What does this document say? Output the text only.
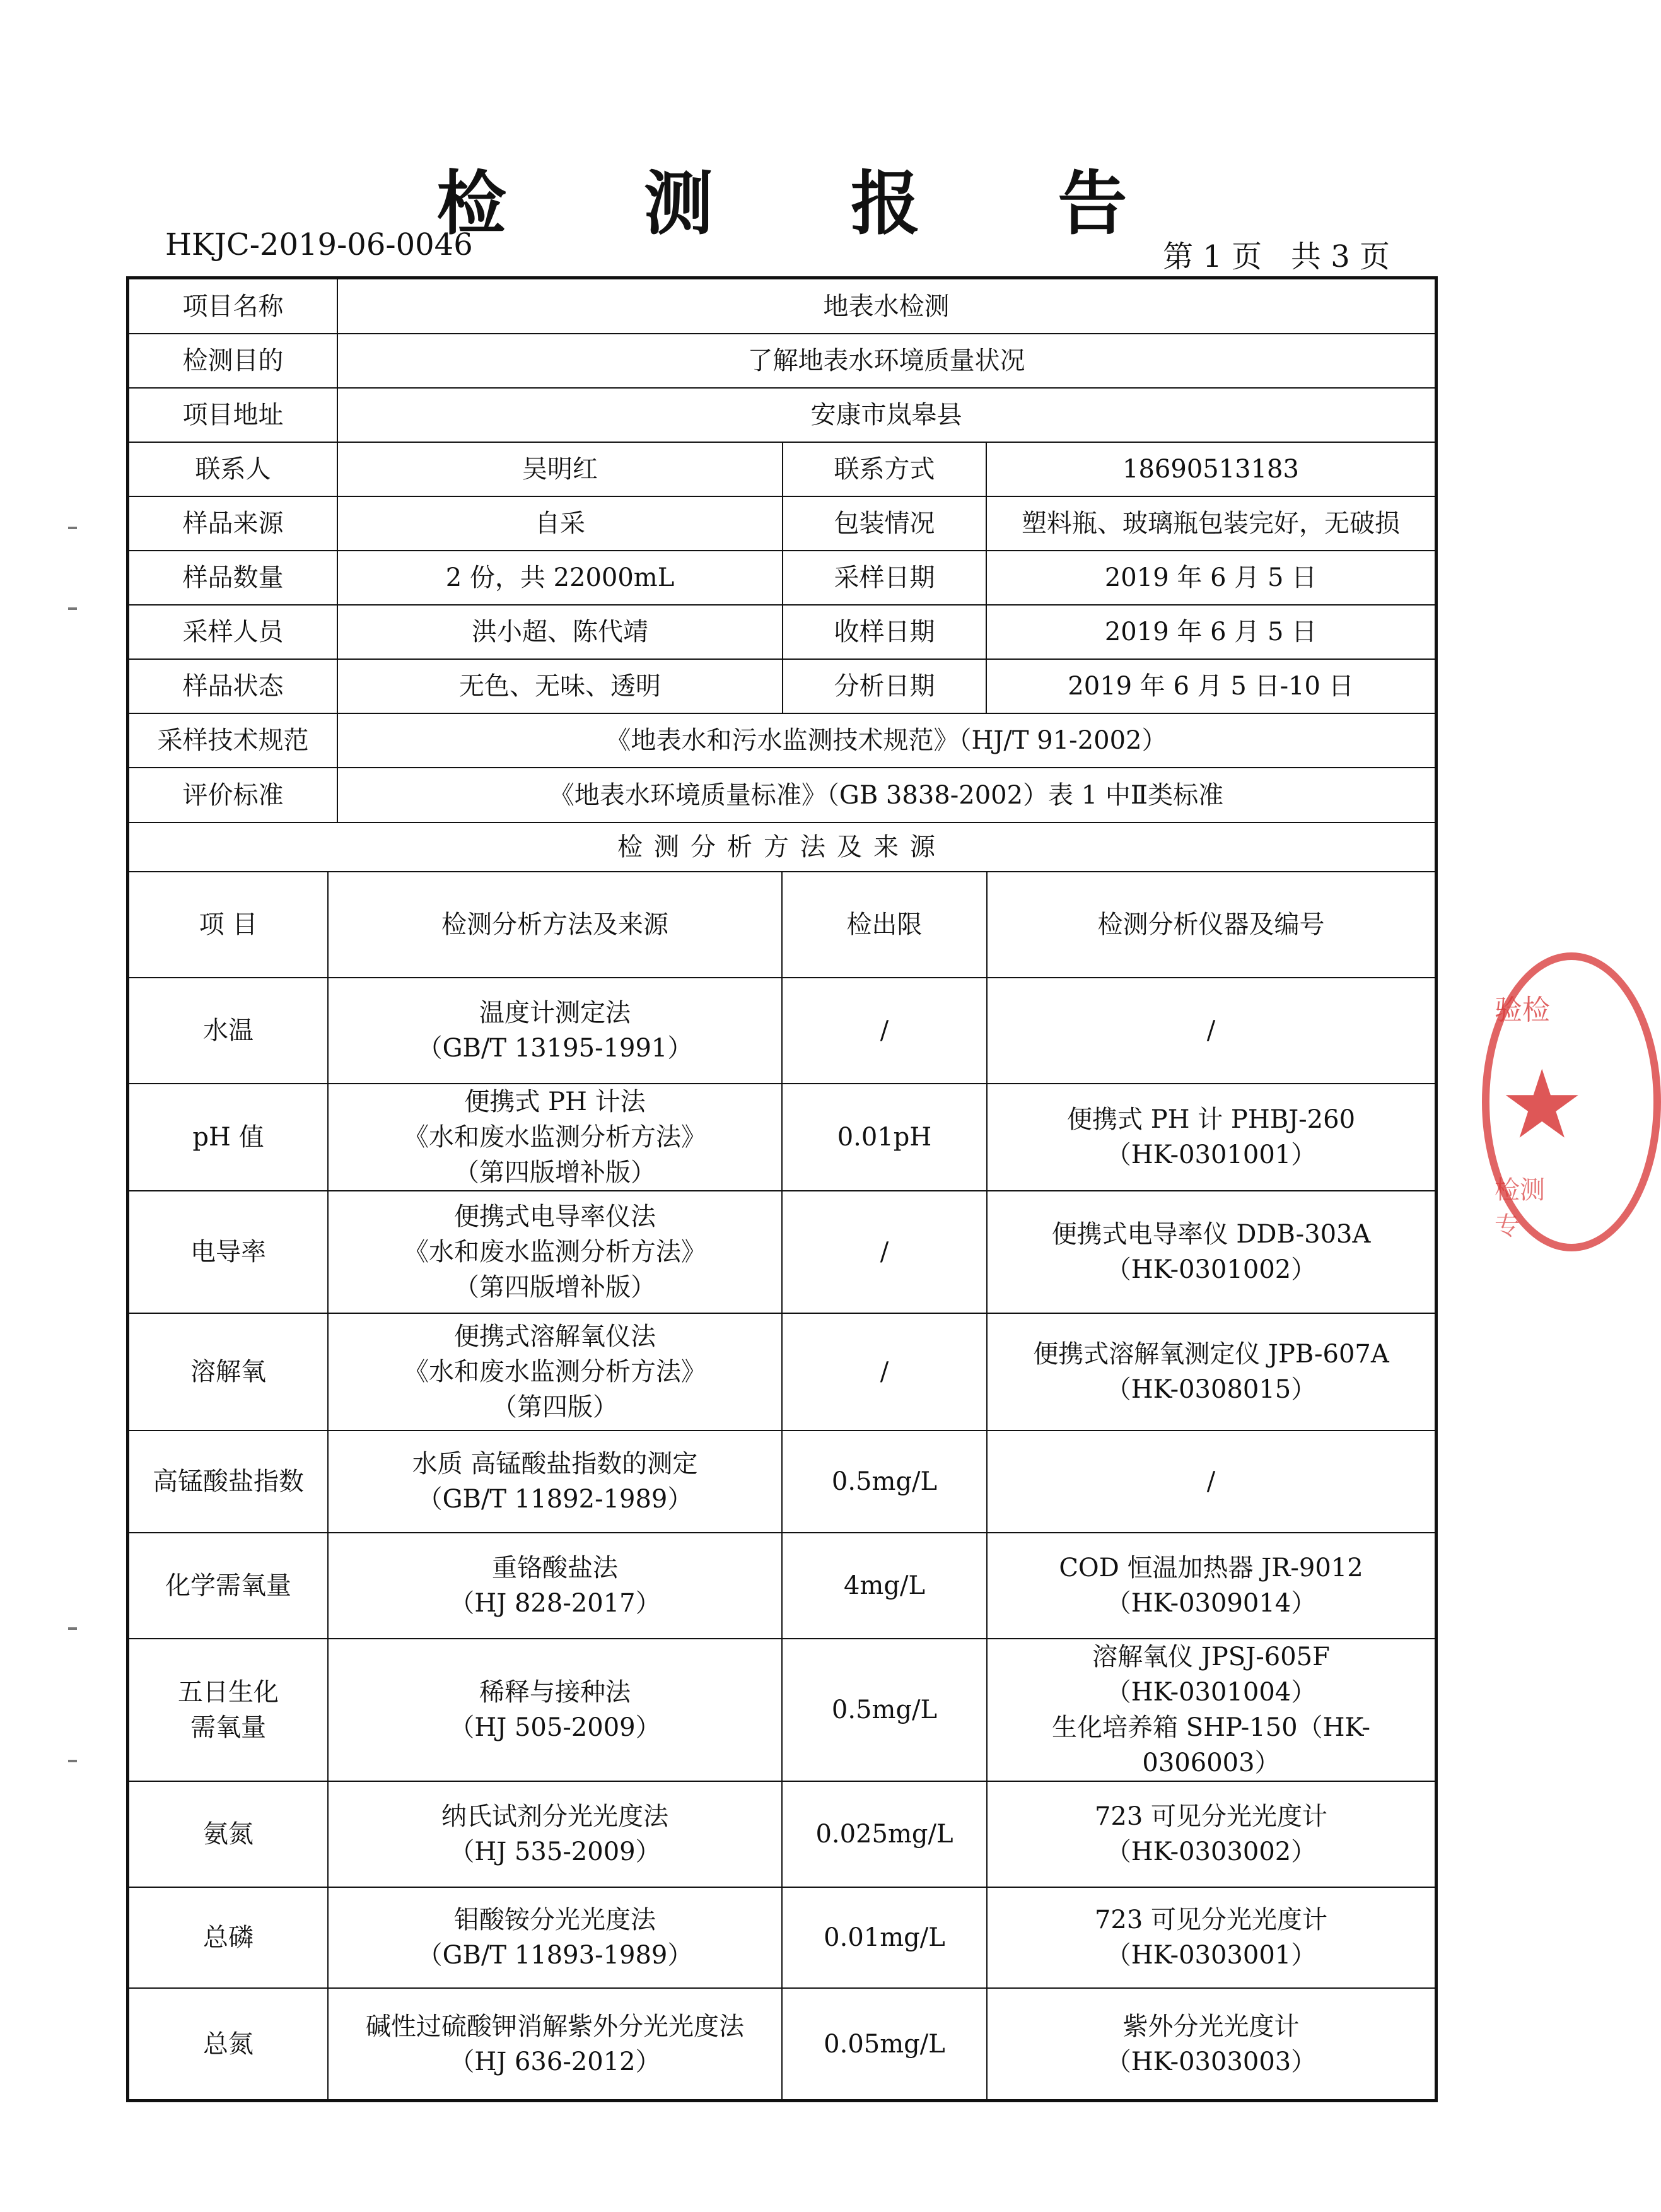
检 测 报 告
HKJC-2019-06-0046	第 1 页   共 3 页
项目名称	地表水检测		
检测目的	了解地表水环境质量状况		
项目地址	安康市岚皋县		
联系人	吴明红	联系方式	18690513183
样品来源	自采	包装情况	塑料瓶、玻璃瓶包装完好，无破损
样品数量	2 份，共 22000mL	采样日期	2019 年 6 月 5 日
采样人员	洪小超、陈代靖	收样日期	2019 年 6 月 5 日
样品状态	无色、无味、透明	分析日期	2019 年 6 月 5 日-10 日
采样技术规范	《地表水和污水监测技术规范》（HJ/T 91-2002）		
评价标准	《地表水环境质量标准》（GB 3838-2002）表 1 中Ⅱ类标准		
检测分析方法及来源			
项 目	检测分析方法及来源	检出限	检测分析仪器及编号

水温	温度计测定法
（GB/T 13195-1991）	/	/

pH 值	便携式 PH 计法
《水和废水监测分析方法》
（第四版增补版）	0.01pH	便携式 PH 计 PHBJ-260
（HK-0301001）

电导率	便携式电导率仪法
《水和废水监测分析方法》
（第四版增补版）	/	便携式电导率仪 DDB-303A
（HK-0301002）

溶解氧	便携式溶解氧仪法
《水和废水监测分析方法》
（第四版）	/	便携式溶解氧测定仪 JPB-607A
（HK-0308015）

高锰酸盐指数	水质 高锰酸盐指数的测定
（GB/T 11892-1989）	0.5mg/L	/

化学需氧量	重铬酸盐法
（HJ 828-2017）	4mg/L	COD 恒温加热器 JR-9012
（HK-0309014）

五日生化
需氧量	稀释与接种法
（HJ 505-2009）	0.5mg/L	溶解氧仪 JPSJ-605F
（HK-0301004）
生化培养箱 SHP-150（HK-0306003）

氨氮	纳氏试剂分光光度法
（HJ 535-2009）	0.025mg/L	723 可见分光光度计
（HK-0303002）

总磷	钼酸铵分光光度法
（GB/T 11893-1989）	0.01mg/L	723 可见分光光度计
（HK-0303001）

总氮	碱性过硫酸钾消解紫外分光光度法
（HJ 636-2012）	0.05mg/L	紫外分光光度计
（HK-0303003）
★
验检
检测专
